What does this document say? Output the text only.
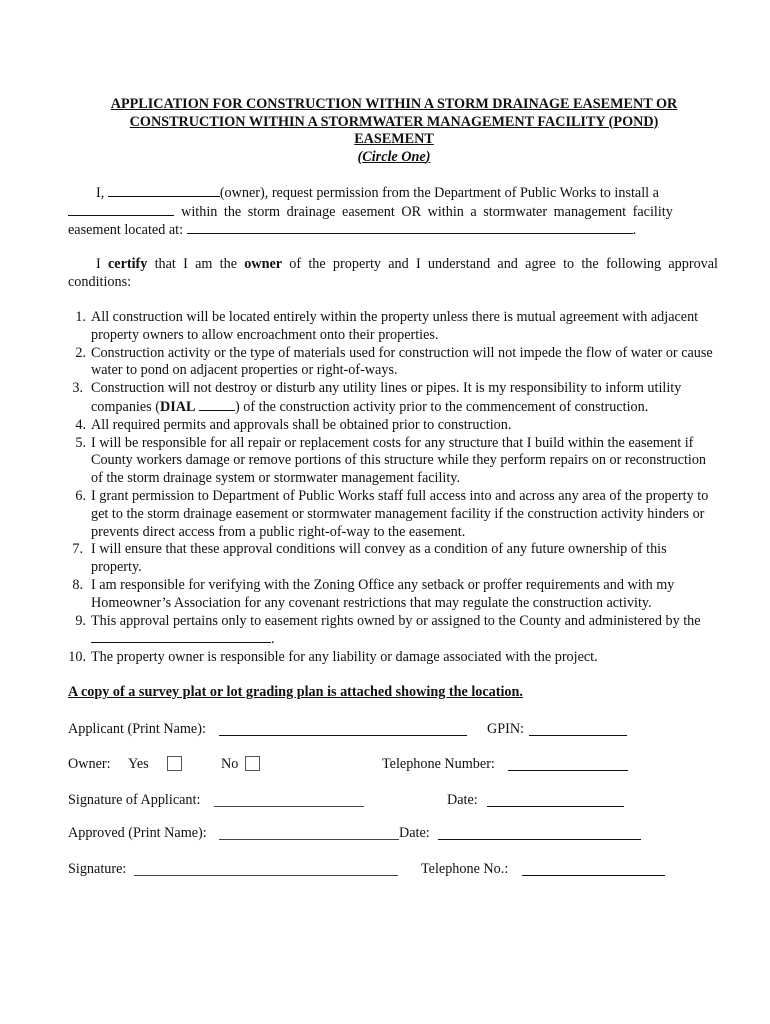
APPLICATION FOR CONSTRUCTION WITHIN A STORM DRAINAGE EASEMENT OR
CONSTRUCTION WITHIN A STORMWATER MANAGEMENT FACILITY (POND)
EASEMENT
(Circle One)
I,	(owner), request permission from the Department of Public Works to install a
within the storm drainage easement OR within a stormwater management facility
easement located at:	.
I certify that I am the owner of the property and I understand and agree to the following approval conditions:
1. All construction will be located entirely within the property unless there is mutual agreement with adjacent property owners to allow encroachment onto their properties.
2. Construction activity or the type of materials used for construction will not impede the flow of water or cause water to pond on adjacent properties or right-of-ways.
3. Construction will not destroy or disturb any utility lines or pipes. It is my responsibility to inform utility companies (DIAL	) of the construction activity prior to the commencement of construction.
4. All required permits and approvals shall be obtained prior to construction.
5. I will be responsible for all repair or replacement costs for any structure that I build within the easement if County workers damage or remove portions of this structure while they perform repairs on or reconstruction of the storm drainage system or stormwater management facility.
6. I grant permission to Department of Public Works staff full access into and across any area of the property to get to the storm drainage easement or stormwater management facility if the construction activity hinders or prevents direct access from a public right-of-way to the easement.
7. I will ensure that these approval conditions will convey as a condition of any future ownership of this property.
8. I am responsible for verifying with the Zoning Office any setback or proffer requirements and with my Homeowner’s Association for any covenant restrictions that may regulate the construction activity.
9. This approval pertains only to easement rights owned by or assigned to the County and administered by the .
10. The property owner is responsible for any liability or damage associated with the project.
A copy of a survey plat or lot grading plan is attached showing the location.
Applicant (Print Name):	GPIN:
Owner: Yes	No	Telephone Number:
Signature of Applicant:	Date:
Approved (Print Name):	Date:
Signature:	Telephone No.:
